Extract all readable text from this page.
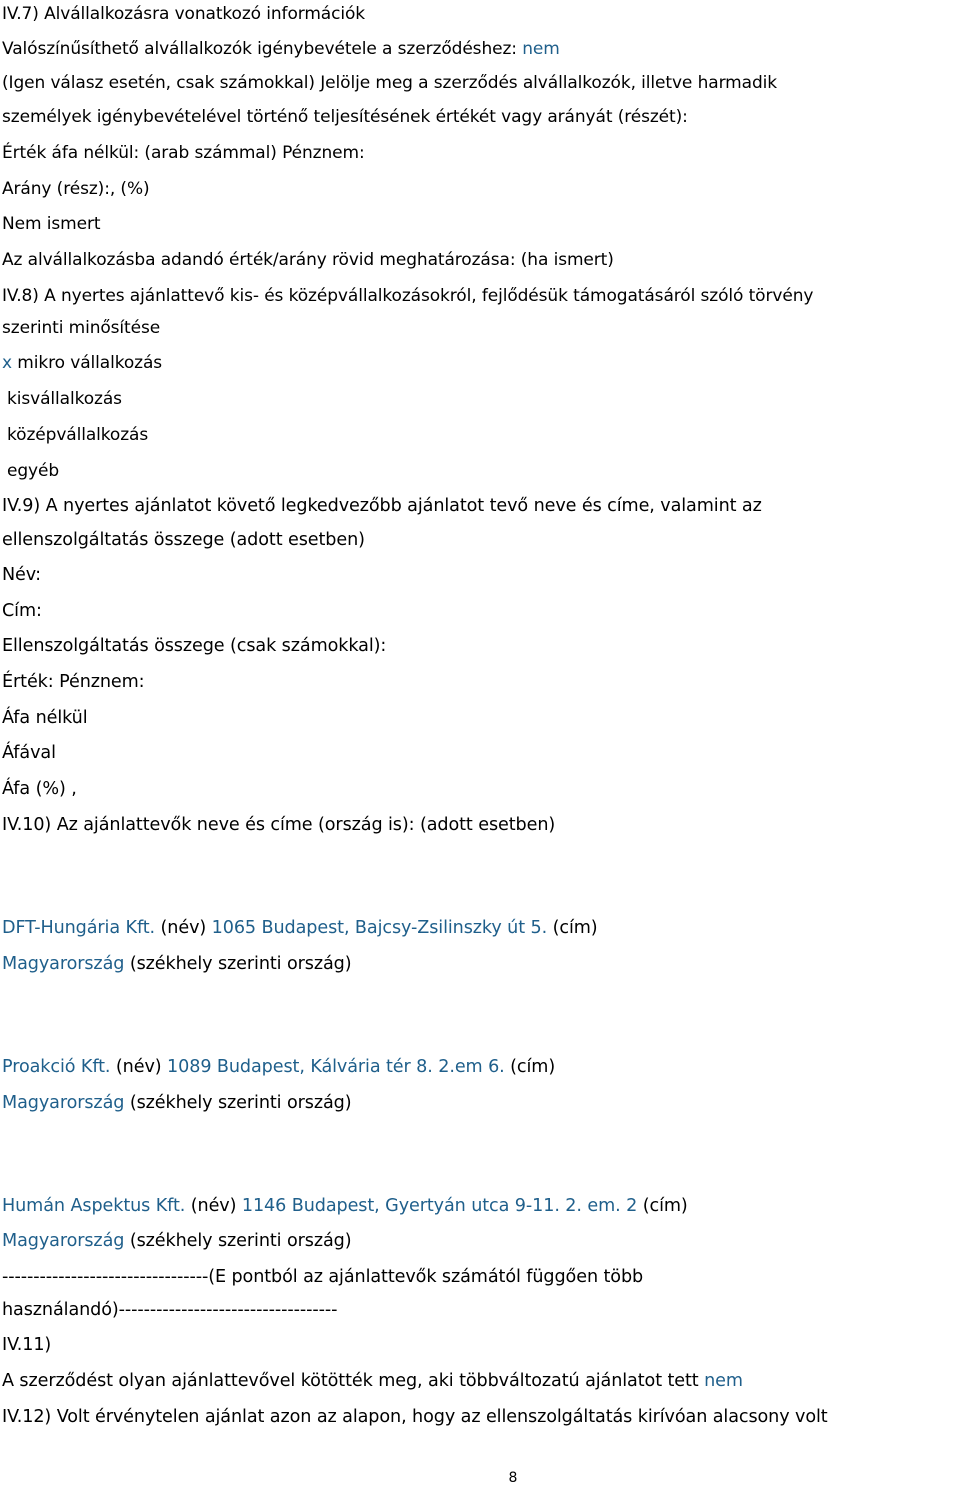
IV.7) Alvállalkozásra vonatkozó információk

Valószínűsíthető alvállalkozók igénybevétele a szerződéshez: nem

(Igen válasz esetén, csak számokkal) Jelölje meg a szerződés alvállalkozók, illetve harmadik

személyek igénybevételével történő teljesítésének értékét vagy arányát (részét):

Érték áfa nélkül: (arab számmal) Pénznem:

Arány (rész):, (%)

Nem ismert

Az alvállalkozásba adandó érték/arány rövid meghatározása: (ha ismert)

IV.8) A nyertes ajánlattevő kis- és középvállalkozásokról, fejlődésük támogatásáról szóló törvény

szerinti minősítése

x mikro vállalkozás

kisvállalkozás

középvállalkozás

egyéb

IV.9) A nyertes ajánlatot követő legkedvezőbb ajánlatot tevő neve és címe, valamint az

ellenszolgáltatás összege (adott esetben)

Név:

Cím:

Ellenszolgáltatás összege (csak számokkal):

Érték: Pénznem:

Áfa nélkül

Áfával

Áfa (%) ,

IV.10) Az ajánlattevők neve és címe (ország is): (adott esetben)

DFT-Hungária Kft. (név) 1065 Budapest, Bajcsy-Zsilinszky út 5. (cím)

Magyarország (székhely szerinti ország)

Proakció Kft. (név) 1089 Budapest, Kálvária tér 8. 2.em 6. (cím)

Magyarország (székhely szerinti ország)

Humán Aspektus Kft. (név) 1146 Budapest, Gyertyán utca 9-11. 2. em. 2 (cím)

Magyarország (székhely szerinti ország)

---------------------------------(E pontból az ajánlattevők számától függően több

használandó)-----------------------------------

IV.11)

A szerződést olyan ajánlattevővel kötötték meg, aki többváltozatú ajánlatot tett nem

IV.12) Volt érvénytelen ajánlat azon az alapon, hogy az ellenszolgáltatás kirívóan alacsony volt

8
